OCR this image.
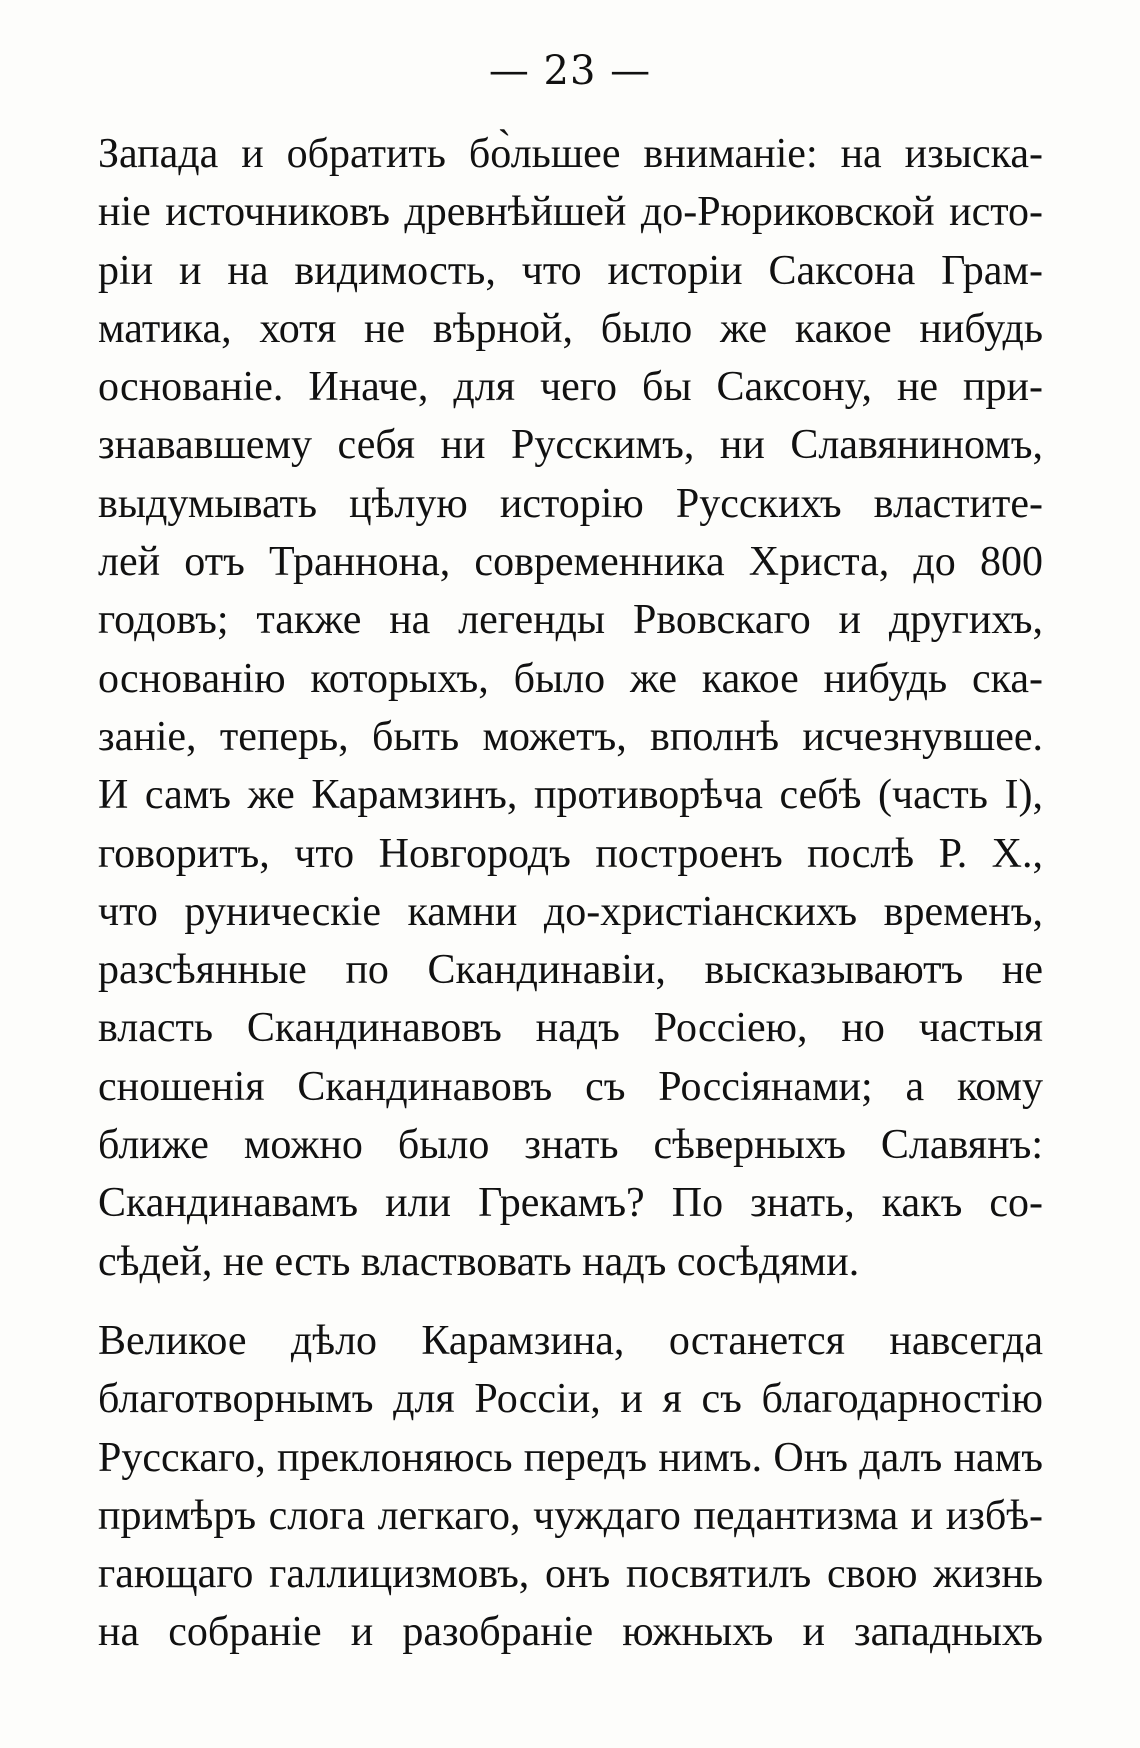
— 23 —
Запада и обратить бо̀льшее вниманіе: на изыска-
ніе источниковъ древнѣйшей до-Рюриковской исто-
ріи и на видимость, что исторіи Саксона Грам-
матика, хотя не вѣрной, было же какое нибудь
основаніе. Иначе, для чего бы Саксону, не при-
знававшему себя ни Русскимъ, ни Славяниномъ,
выдумывать цѣлую исторію Русскихъ властите-
лей отъ Траннона, современника Христа, до 800
годовъ; также на легенды Рвовскаго и другихъ,
основанію которыхъ, было же какое нибудь ска-
заніе, теперь, быть можетъ, вполнѣ исчезнувшее.
И самъ же Карамзинъ, противорѣча себѣ (часть I),
говоритъ, что Новгородъ построенъ послѣ Р. Х.,
что руническіе камни до-христіанскихъ временъ,
разсѣянные по Скандинавіи, высказываютъ не
власть Скандинавовъ надъ Россіею, но частыя
сношенія Скандинавовъ съ Россіянами; а кому
ближе можно было знать сѣверныхъ Славянъ:
Скандинавамъ или Грекамъ? По знать, какъ со-
сѣдей, не есть властвовать надъ сосѣдями.
Великое дѣло Карамзина, останется навсегда
благотворнымъ для Россіи, и я съ благодарностію
Русскаго, преклоняюсь передъ нимъ. Онъ далъ намъ
примѣръ слога легкаго, чуждаго педантизма и избѣ-
гающаго галлицизмовъ, онъ посвятилъ свою жизнь
на собраніе и разобраніе южныхъ и западныхъ
